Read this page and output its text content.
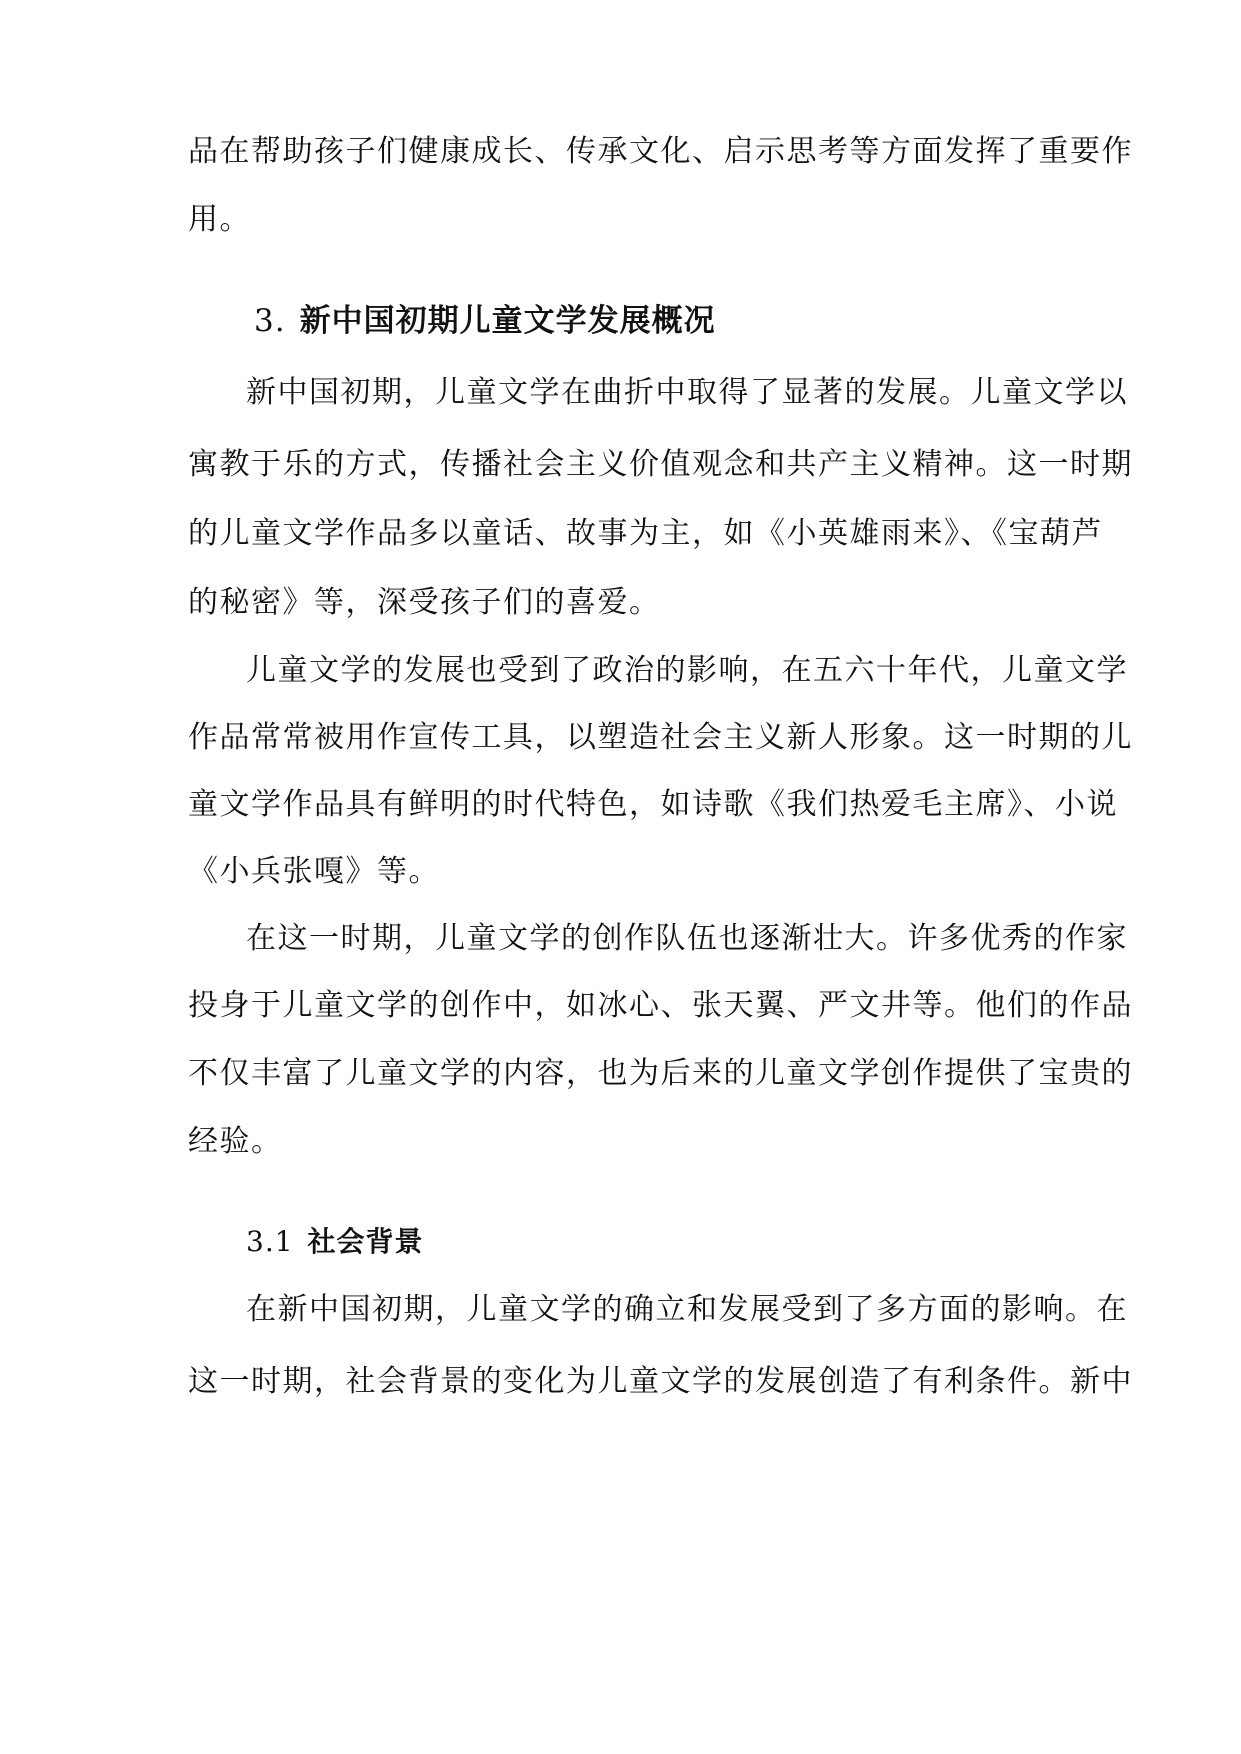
品在帮助孩子们健康成长、传承文化、启示思考等方面发挥了重要作
用。
3. 新中国初期儿童文学发展概况
新中国初期，儿童文学在曲折中取得了显著的发展。儿童文学以
寓教于乐的方式，传播社会主义价值观念和共产主义精神。这一时期
的儿童文学作品多以童话、故事为主，如《小英雄雨来》、《宝葫芦
的秘密》等，深受孩子们的喜爱。
儿童文学的发展也受到了政治的影响，在五六十年代，儿童文学
作品常常被用作宣传工具，以塑造社会主义新人形象。这一时期的儿
童文学作品具有鲜明的时代特色，如诗歌《我们热爱毛主席》、小说
《小兵张嘎》等。
在这一时期，儿童文学的创作队伍也逐渐壮大。许多优秀的作家
投身于儿童文学的创作中，如冰心、张天翼、严文井等。他们的作品
不仅丰富了儿童文学的内容，也为后来的儿童文学创作提供了宝贵的
经验。
3.1 社会背景
在新中国初期，儿童文学的确立和发展受到了多方面的影响。在
这一时期，社会背景的变化为儿童文学的发展创造了有利条件。新中
